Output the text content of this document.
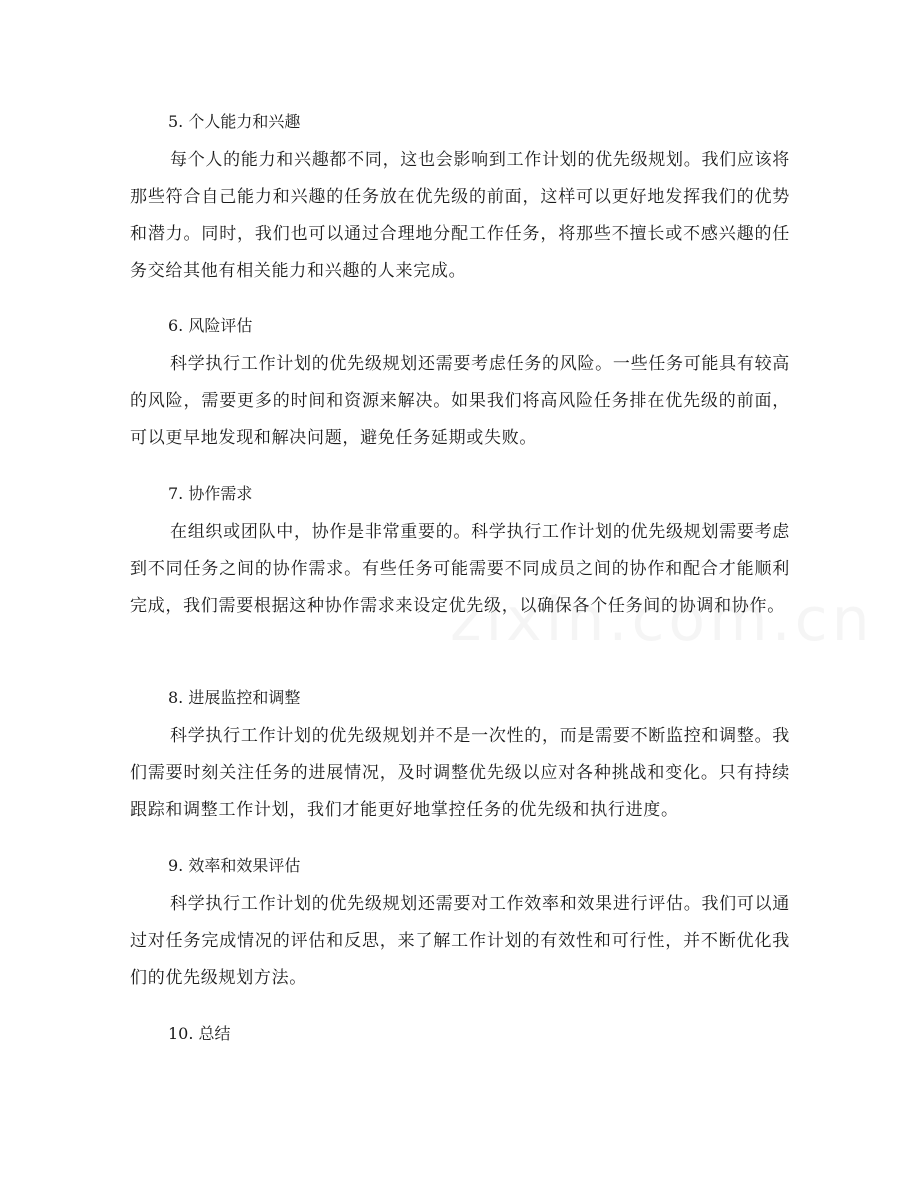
5. 个人能力和兴趣

每个人的能力和兴趣都不同，这也会影响到工作计划的优先级规划。我们应该将那些符合自己能力和兴趣的任务放在优先级的前面，这样可以更好地发挥我们的优势和潜力。同时，我们也可以通过合理地分配工作任务，将那些不擅长或不感兴趣的任务交给其他有相关能力和兴趣的人来完成。

6. 风险评估

科学执行工作计划的优先级规划还需要考虑任务的风险。一些任务可能具有较高的风险，需要更多的时间和资源来解决。如果我们将高风险任务排在优先级的前面，可以更早地发现和解决问题，避免任务延期或失败。

7. 协作需求

在组织或团队中，协作是非常重要的。科学执行工作计划的优先级规划需要考虑到不同任务之间的协作需求。有些任务可能需要不同成员之间的协作和配合才能顺利完成，我们需要根据这种协作需求来设定优先级，以确保各个任务间的协调和协作。

8. 进展监控和调整

科学执行工作计划的优先级规划并不是一次性的，而是需要不断监控和调整。我们需要时刻关注任务的进展情况，及时调整优先级以应对各种挑战和变化。只有持续跟踪和调整工作计划，我们才能更好地掌控任务的优先级和执行进度。

9. 效率和效果评估

科学执行工作计划的优先级规划还需要对工作效率和效果进行评估。我们可以通过对任务完成情况的评估和反思，来了解工作计划的有效性和可行性，并不断优化我们的优先级规划方法。

10. 总结
